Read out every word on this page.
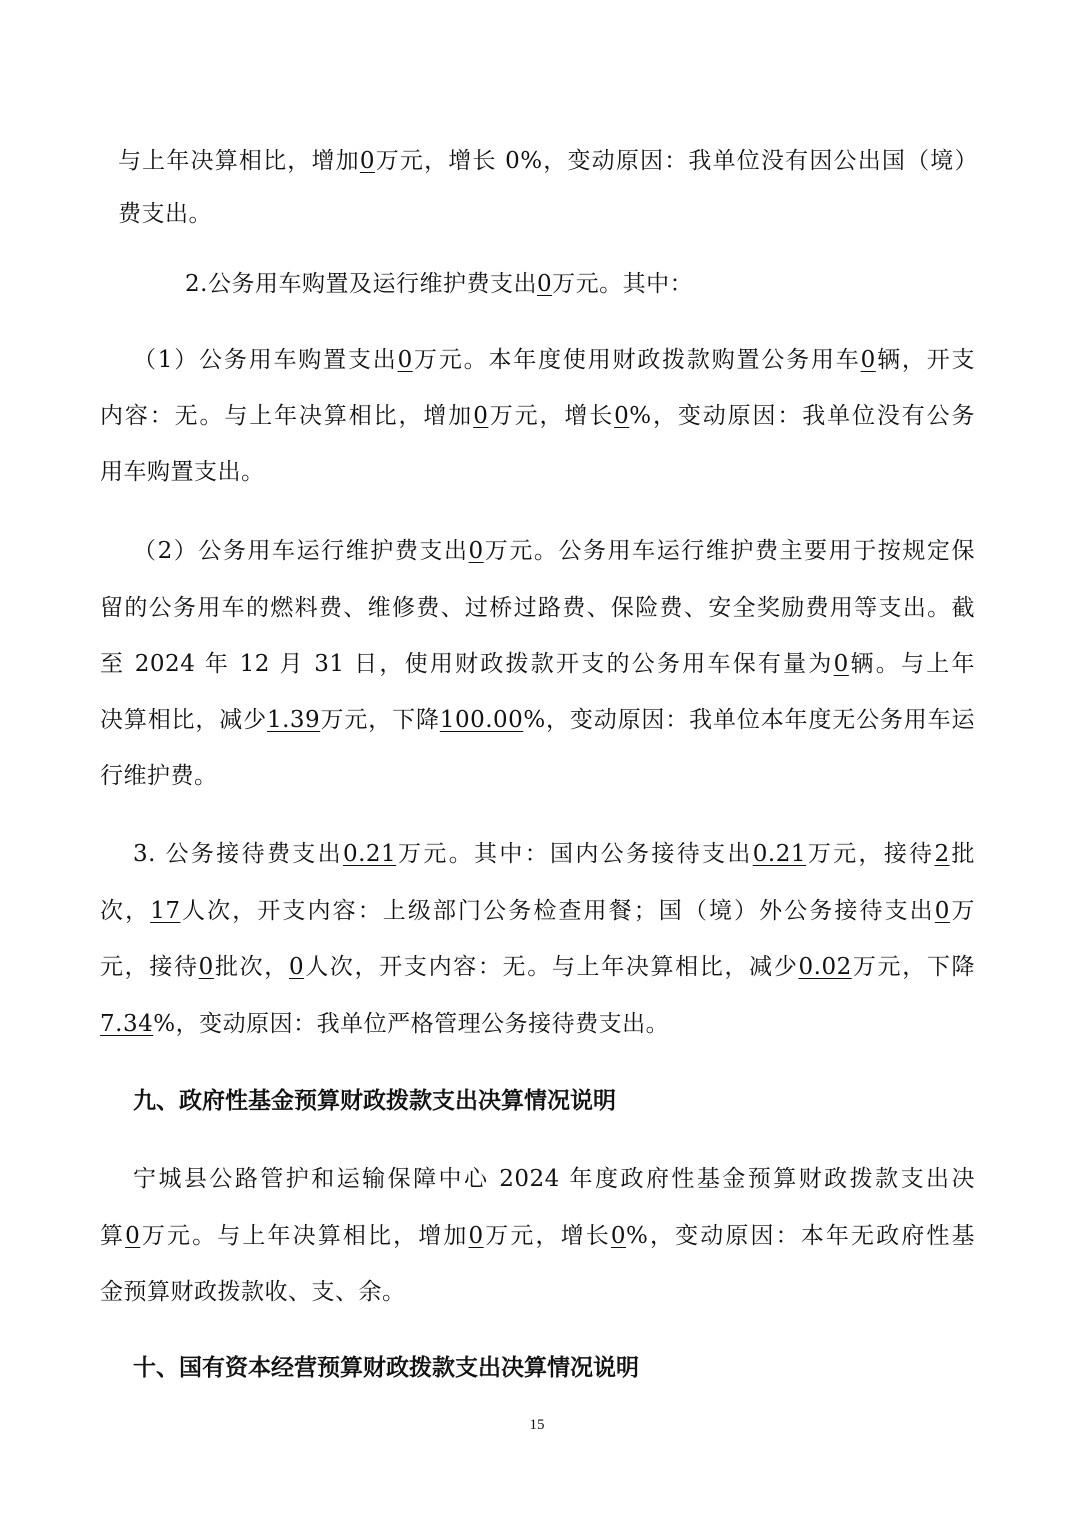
与上年决算相比，增加0万元，增长 0%，变动原因：我单位没有因公出国（境）
费支出。
2.公务用车购置及运行维护费支出0万元。其中：
（1）公务用车购置支出0万元。本年度使用财政拨款购置公务用车0辆，开支
内容：无。与上年决算相比，增加0万元，增长0%，变动原因：我单位没有公务
用车购置支出。
（2）公务用车运行维护费支出0万元。公务用车运行维护费主要用于按规定保
留的公务用车的燃料费、维修费、过桥过路费、保险费、安全奖励费用等支出。截
至 2024 年 12 月 31 日，使用财政拨款开支的公务用车保有量为0辆。与上年
决算相比，减少1.39万元，下降100.00%，变动原因：我单位本年度无公务用车运
行维护费。
3. 公务接待费支出0.21万元。其中：国内公务接待支出0.21万元，接待2批
次，17人次，开支内容：上级部门公务检查用餐；国（境）外公务接待支出0万
元，接待0批次，0人次，开支内容：无。与上年决算相比，减少0.02万元，下降
7.34%，变动原因：我单位严格管理公务接待费支出。
九、政府性基金预算财政拨款支出决算情况说明
宁城县公路管护和运输保障中心 2024 年度政府性基金预算财政拨款支出决
算0万元。与上年决算相比，增加0万元，增长0%，变动原因：本年无政府性基
金预算财政拨款收、支、余。
十、国有资本经营预算财政拨款支出决算情况说明
15
